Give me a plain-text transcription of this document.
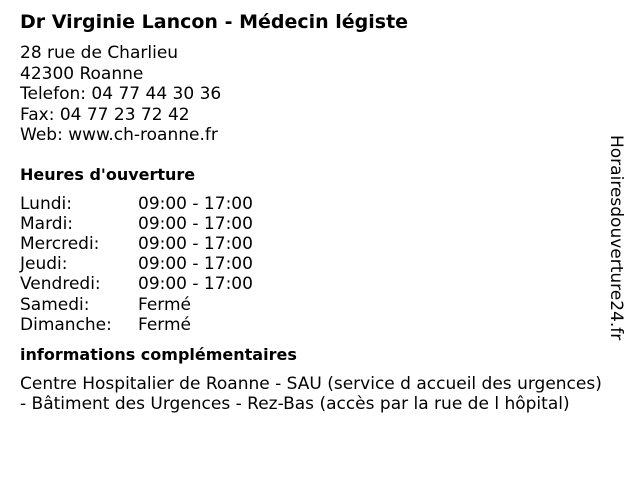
Dr Virginie Lancon - Médecin légiste
28 rue de Charlieu
42300 Roanne
Telefon: 04 77 44 30 36
Fax: 04 77 23 72 42
Web: www.ch-roanne.fr
Heures d'ouverture
Lundi:	09:00 - 17:00
Mardi:	09:00 - 17:00
Mercredi:	09:00 - 17:00
Jeudi:	09:00 - 17:00
Vendredi:	09:00 - 17:00
Samedi:	Fermé
Dimanche:	Fermé
informations complémentaires
Centre Hospitalier de Roanne - SAU (service d accueil des urgences)
- Bâtiment des Urgences - Rez-Bas (accès par la rue de l hôpital)
Horairesdouverture24.fr
